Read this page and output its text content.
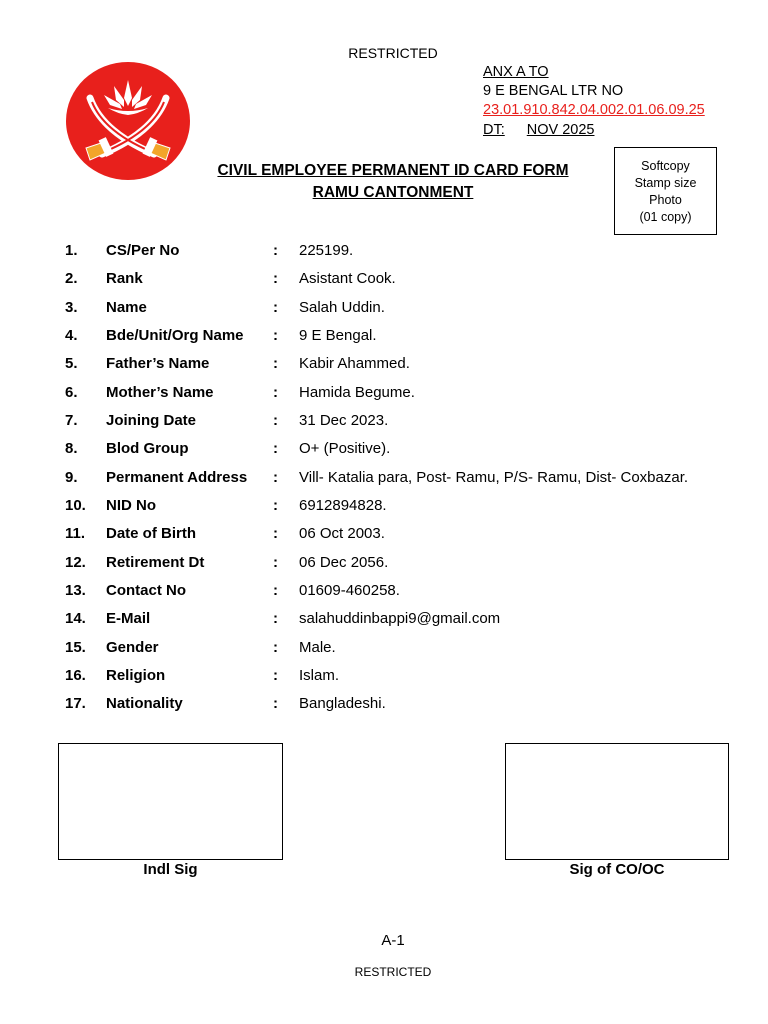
RESTRICTED
ANX A TO
9 E BENGAL LTR NO
23.01.910.842.04.002.01.06.09.25
DT: NOV 2025
CIVIL EMPLOYEE PERMANENT ID CARD FORM
RAMU CANTONMENT
Softcopy
Stamp size
Photo
(01 copy)
1. CS/Per No	: 225199.
2. Rank	: Asistant Cook.
3. Name	: Salah Uddin.
4. Bde/Unit/Org Name : 9 E Bengal.
5. Father’s Name	: Kabir Ahammed.
6. Mother’s Name	: Hamida Begume.
7. Joining Date	: 31 Dec 2023.
8. Blod Group	: O+ (Positive).
9. Permanent Address : Vill- Katalia para, Post- Ramu, P/S- Ramu, Dist- Coxbazar.
10. NID No	: 6912894828.
11. Date of Birth	: 06 Oct 2003.
12. Retirement Dt	: 06 Dec 2056.
13. Contact No	: 01609-460258.
14. E-Mail	: salahuddinbappi9@gmail.com
15. Gender	: Male.
16. Religion	: Islam.
17. Nationality	: Bangladeshi.
Indl Sig	Sig of CO/OC
A-1
RESTRICTED
